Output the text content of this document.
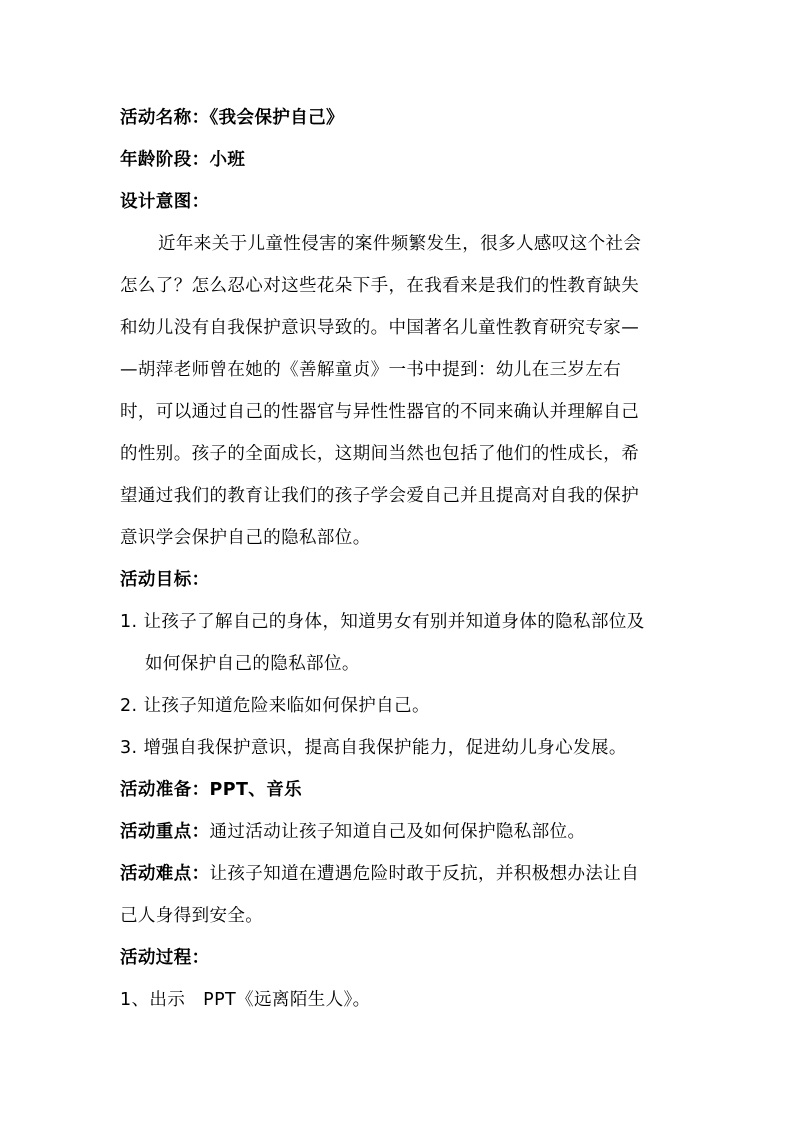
活动名称：《我会保护自己》
年龄阶段：小班
设计意图：
近年来关于儿童性侵害的案件频繁发生，很多人感叹这个社会
怎么了？怎么忍心对这些花朵下手，在我看来是我们的性教育缺失
和幼儿没有自我保护意识导致的。中国著名儿童性教育研究专家—
—胡萍老师曾在她的《善解童贞》一书中提到：幼儿在三岁左右
时，可以通过自己的性器官与异性性器官的不同来确认并理解自己
的性别。孩子的全面成长，这期间当然也包括了他们的性成长，希
望通过我们的教育让我们的孩子学会爱自己并且提高对自我的保护
意识学会保护自己的隐私部位。
活动目标：
1. 让孩子了解自己的身体，知道男女有别并知道身体的隐私部位及
如何保护自己的隐私部位。
2. 让孩子知道危险来临如何保护自己。
3. 增强自我保护意识，提高自我保护能力，促进幼儿身心发展。
活动准备：PPT、音乐
活动重点：通过活动让孩子知道自己及如何保护隐私部位。
活动难点：让孩子知道在遭遇危险时敢于反抗，并积极想办法让自
己人身得到安全。
活动过程：
1、出示　PPT《远离陌生人》。
